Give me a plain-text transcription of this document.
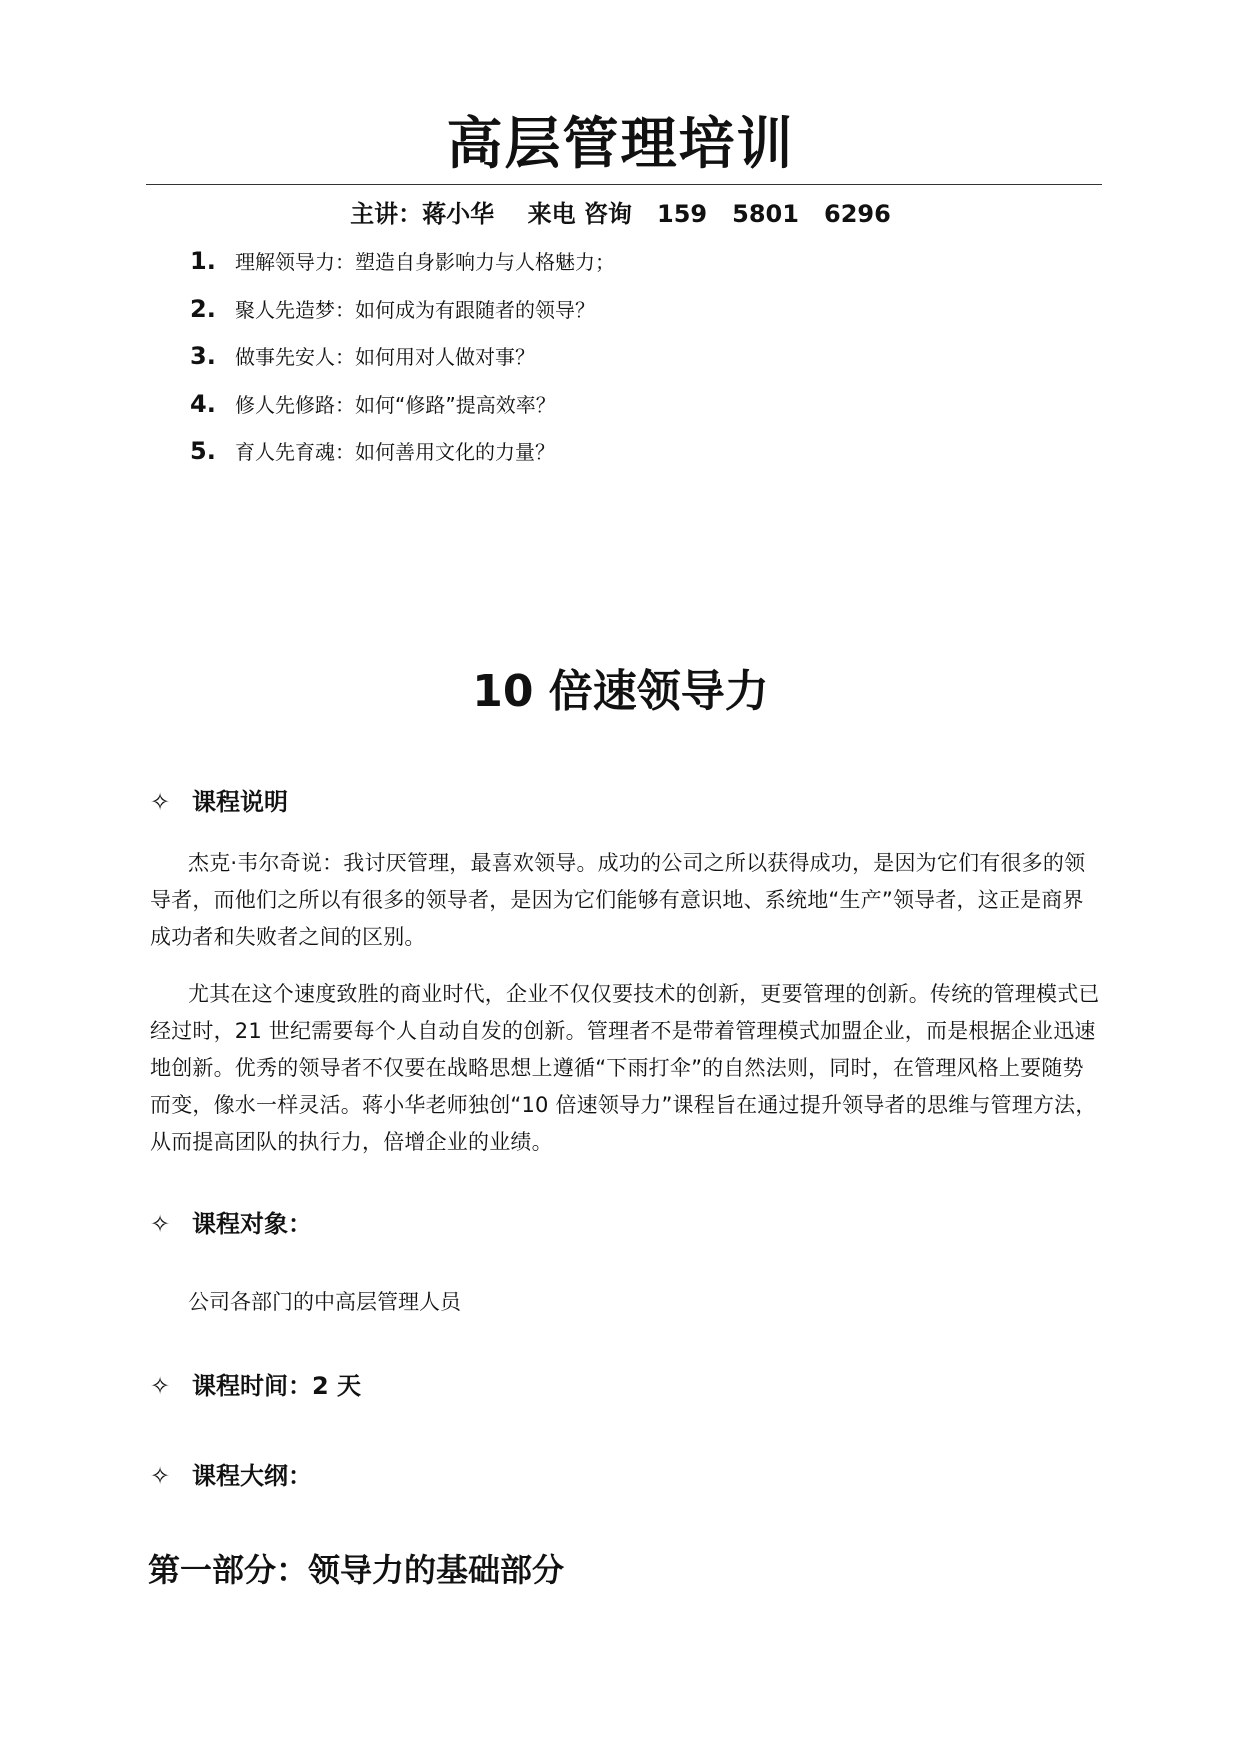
高层管理培训
主讲：蒋小华    来电 咨询   159   5801   6296
1. 理解领导力：塑造自身影响力与人格魅力；
2. 聚人先造梦：如何成为有跟随者的领导？
3. 做事先安人：如何用对人做对事？
4. 修人先修路：如何“修路”提高效率？
5. 育人先育魂：如何善用文化的力量？
10 倍速领导力
✧ 课程说明

杰克·韦尔奇说：我讨厌管理，最喜欢领导。成功的公司之所以获得成功，是因为它们有很多的领导者，而他们之所以有很多的领导者，是因为它们能够有意识地、系统地“生产”领导者，这正是商界成功者和失败者之间的区别。

尤其在这个速度致胜的商业时代，企业不仅仅要技术的创新，更要管理的创新。传统的管理模式已经过时，21 世纪需要每个人自动自发的创新。管理者不是带着管理模式加盟企业，而是根据企业迅速地创新。优秀的领导者不仅要在战略思想上遵循“下雨打伞”的自然法则，同时，在管理风格上要随势而变，像水一样灵活。蒋小华老师独创“10 倍速领导力”课程旨在通过提升领导者的思维与管理方法，从而提高团队的执行力，倍增企业的业绩。

✧ 课程对象：
公司各部门的中高层管理人员
✧ 课程时间：2 天
✧ 课程大纲：
第一部分：领导力的基础部分
